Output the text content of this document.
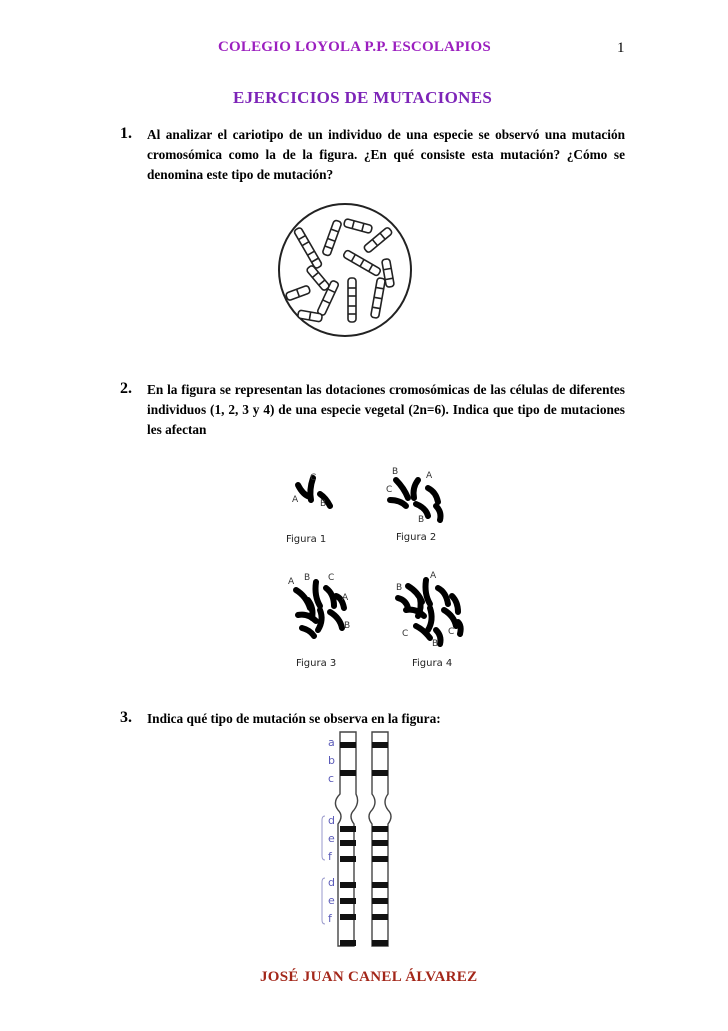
COLEGIO LOYOLA P.P. ESCOLAPIOS	1
EJERCICIOS DE MUTACIONES
1. Al analizar el cariotipo de un individuo de una especie se observó una mutación cromosómica como la de la figura. ¿En qué consiste esta mutación? ¿Cómo se denomina este tipo de mutación?
2. En la figura se representan las dotaciones cromosómicas de las células de diferentes individuos (1, 2, 3 y 4) de una especie vegetal (2n=6). Indica que tipo de mutaciones les afectan
C
A B
B	A
C
B
A B C
A
B
A
B
C	C
B
Figura 1	Figura 2
Figura 3	Figura 4
3. Indica qué tipo de mutación se observa en la figura:
a
b
c
d
e
f
d
e
f
JOSÉ JUAN CANEL ÁLVAREZ
